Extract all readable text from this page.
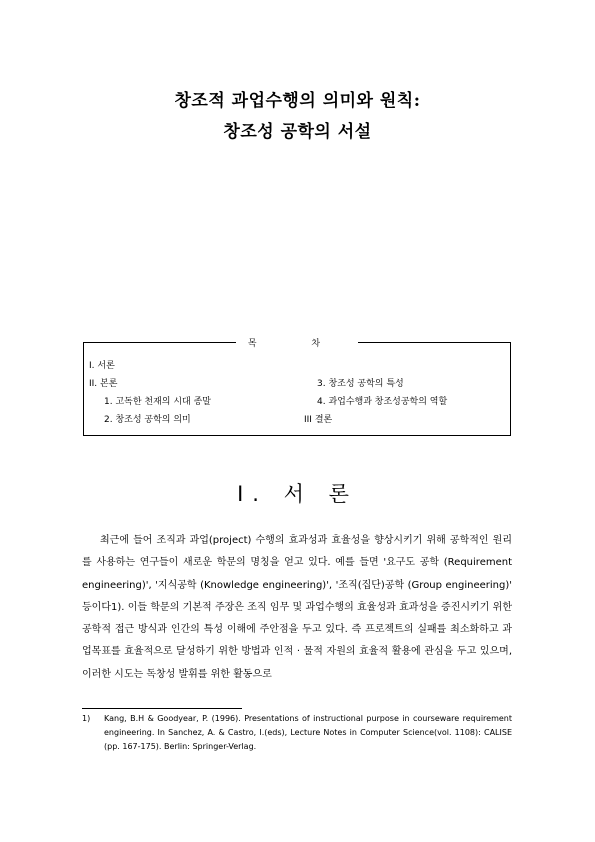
창조적 과업수행의 의미와 원칙:
창조성 공학의 서설
목 차
I. 서론
II. 본론
1. 고독한 천재의 시대 종말
2. 창조성 공학의 의미
3. 창조성 공학의 특성
4. 과업수행과 창조성공학의 역할
III 결론
I. 서 론

최근에 들어 조직과 과업(project) 수행의 효과성과 효율성을 향상시키기 위해 공학적인 원리를 사용하는 연구들이 새로운 학문의 명칭을 얻고 있다. 예를 들면 '요구도 공학 (Requirement engineering)', '지식공학 (Knowledge engineering)', '조직(집단)공학 (Group engineering)' 등이다1). 이들 학문의 기본적 주장은 조직 임무 및 과업수행의 효율성과 효과성을 증진시키기 위한 공학적 접근 방식과 인간의 특성 이해에 주안점을 두고 있다. 즉 프로젝트의 실패를 최소화하고 과업목표를 효율적으로 달성하기 위한 방법과 인적 · 물적 자원의 효율적 활용에 관심을 두고 있으며, 이러한 시도는 독창성 발휘를 위한 활동으로

1) Kang, B.H & Goodyear, P. (1996). Presentations of instructional purpose in courseware requirement engineering. In Sanchez, A. & Castro, I.(eds), Lecture Notes in Computer Science(vol. 1108): CALISE (pp. 167-175). Berlin: Springer-Verlag.
